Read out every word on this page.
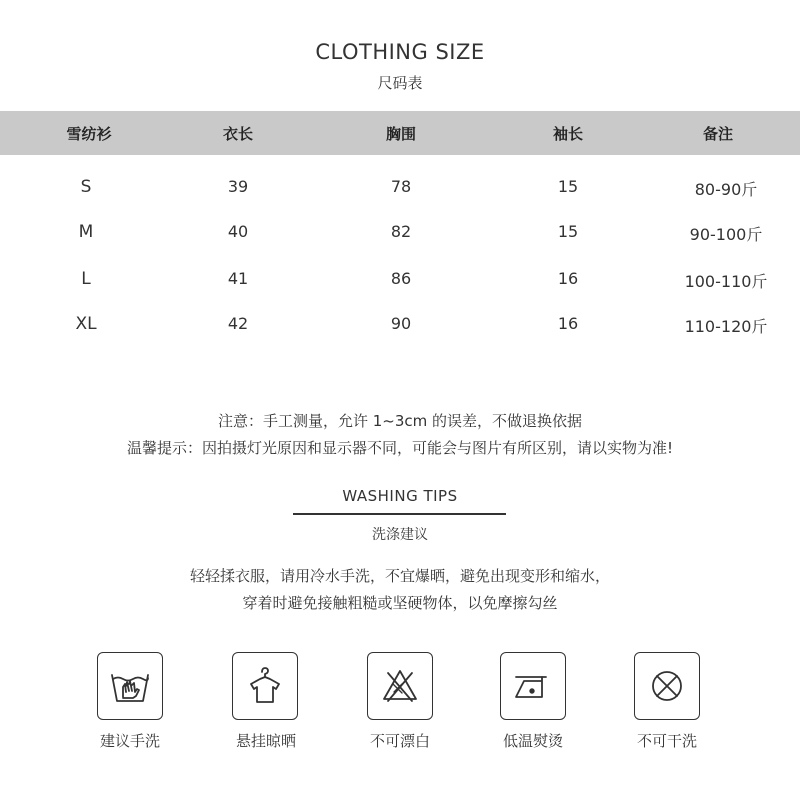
CLOTHING SIZE
尺码表
雪纺衫	衣长	胸围	袖长	备注
S	39	78	15	80-90斤
M	40	82	15	90-100斤
L	41	86	16	100-110斤
XL	42	90	16	110-120斤
注意：手工测量，允许 1~3cm 的误差，不做退换依据
温馨提示：因拍摄灯光原因和显示器不同，可能会与图片有所区别，请以实物为准!
WASHING TIPS
洗涤建议
轻轻揉衣服，请用冷水手洗，不宜爆晒，避免出现变形和缩水，
穿着时避免接触粗糙或坚硬物体，以免摩擦勾丝
建议手洗	悬挂晾晒	不可漂白	低温熨烫	不可干洗
